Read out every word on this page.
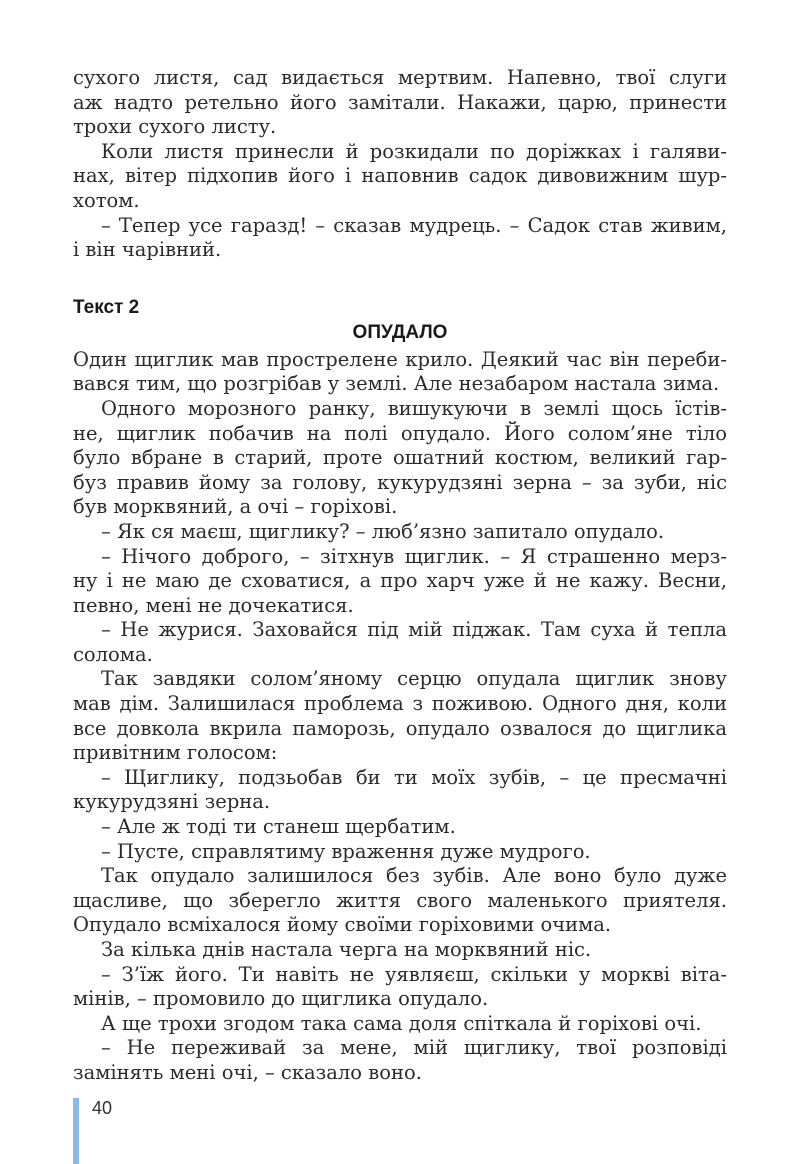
сухого листя, сад видається мертвим. Напевно, твої слуги
аж надто ретельно його замітали. Накажи, царю, принести
трохи сухого листу.
Коли листя принесли й розкидали по доріжках і галяви-
нах, вітер підхопив його і наповнив садок дивовижним шур-
хотом.
– Тепер усе гаразд! – сказав мудрець. – Садок став живим,
і він чарівний.
Текст 2
ОПУДАЛО
Один щиглик мав прострелене крило. Деякий час він переби-
вався тим, що розгрібав у землі. Але незабаром настала зима.
Одного морозного ранку, вишукуючи в землі щось їстів-
не, щиглик побачив на полі опудало. Його солом’яне тіло
було вбране в старий, проте ошатний костюм, великий гар-
буз правив йому за голову, кукурудзяні зерна – за зуби, ніс
був морквяний, а очі – горіхові.
– Як ся маєш, щиглику? – люб’язно запитало опудало.
– Нічого доброго, – зітхнув щиглик. – Я страшенно мерз-
ну і не маю де сховатися, а про харч уже й не кажу. Весни,
певно, мені не дочекатися.
– Не журися. Заховайся під мій піджак. Там суха й тепла
солома.
Так завдяки солом’яному серцю опудала щиглик знову
мав дім. Залишилася проблема з поживою. Одного дня, коли
все довкола вкрила паморозь, опудало озвалося до щиглика
привітним голосом:
– Щиглику, подзьобав би ти моїх зубів, – це пресмачні
кукурудзяні зерна.
– Але ж тоді ти станеш щербатим.
– Пусте, справлятиму враження дуже мудрого.
Так опудало залишилося без зубів. Але воно було дуже
щасливе, що зберегло життя свого маленького приятеля.
Опудало всміхалося йому своїми горіховими очима.
За кілька днів настала черга на морквяний ніс.
– З’їж його. Ти навіть не уявляєш, скільки у моркві віта-
мінів, – промовило до щиглика опудало.
А ще трохи згодом така сама доля спіткала й горіхові очі.
– Не переживай за мене, мій щиглику, твої розповіді
замінять мені очі, – сказало воно.
40
